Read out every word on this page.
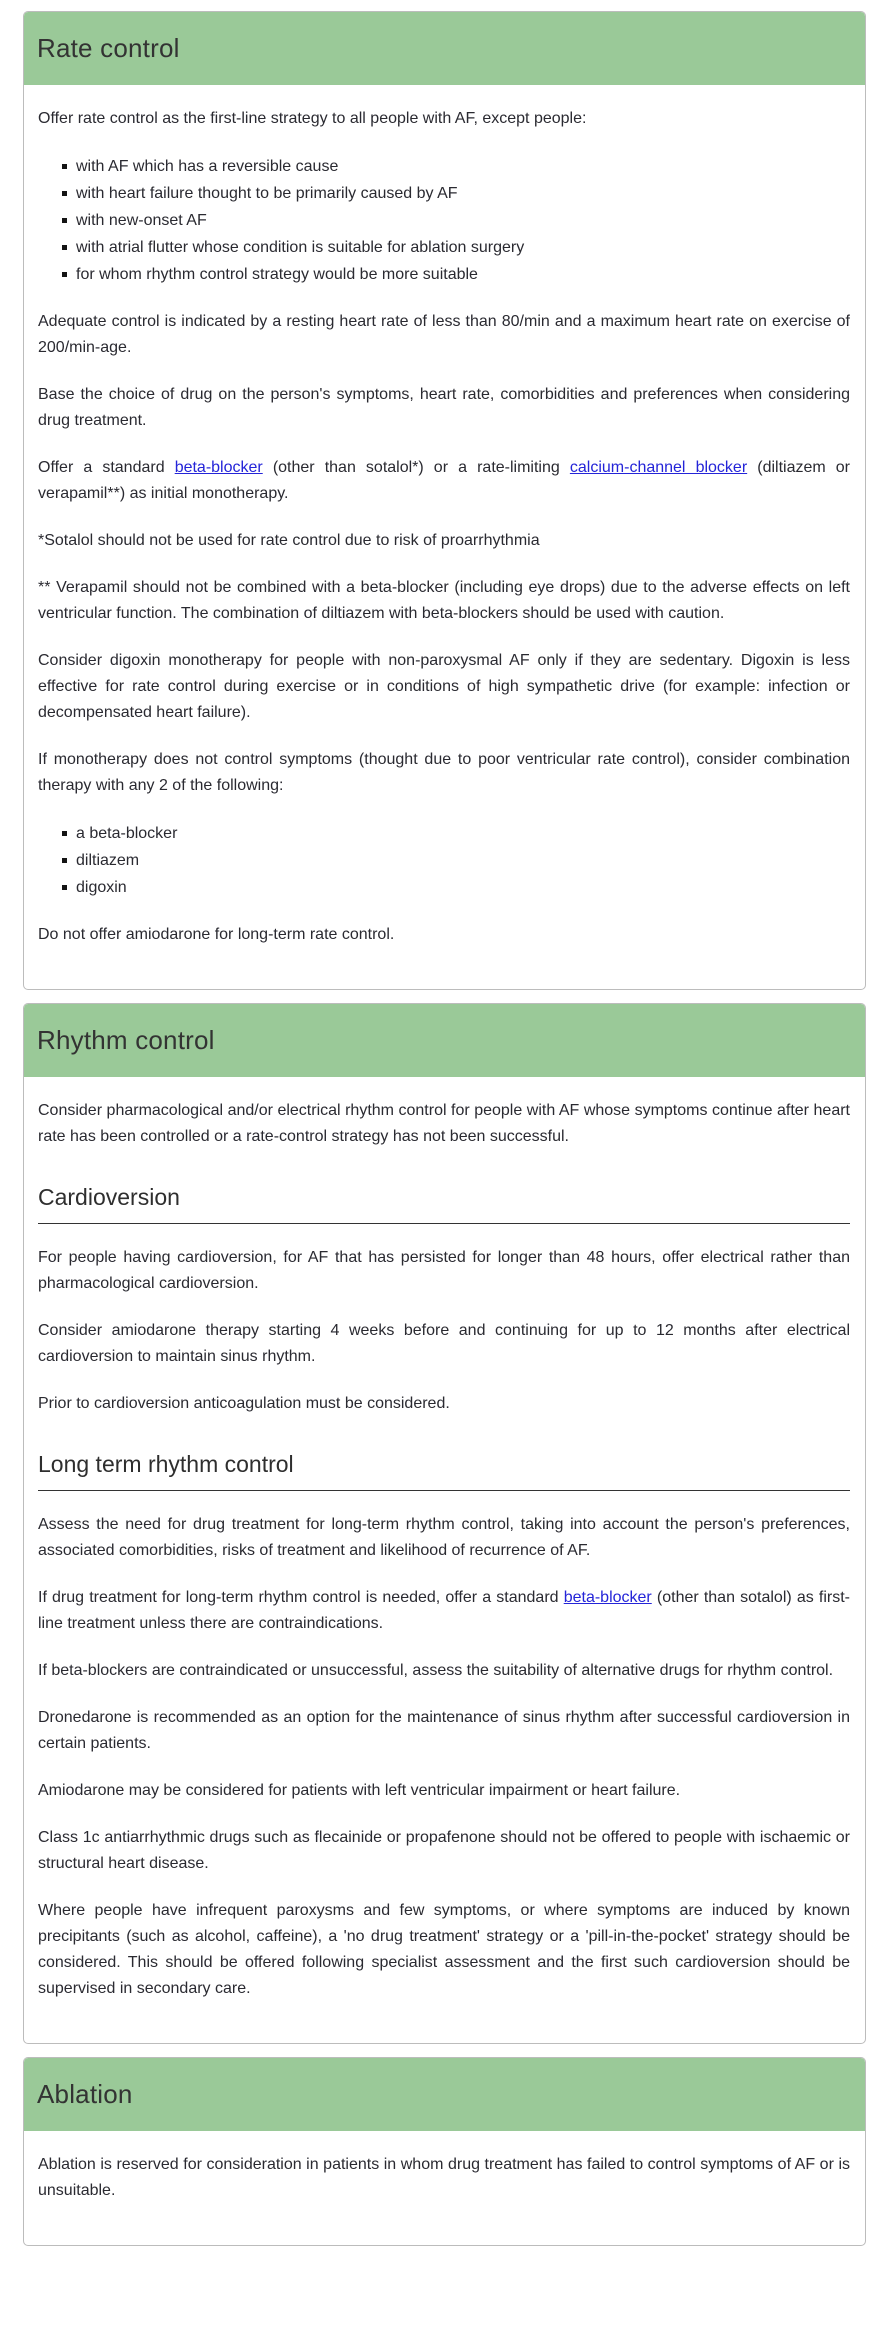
Rate control

Offer rate control as the first-line strategy to all people with AF, except people:

with AF which has a reversible cause
with heart failure thought to be primarily caused by AF
with new-onset AF
with atrial flutter whose condition is suitable for ablation surgery
for whom rhythm control strategy would be more suitable

Adequate control is indicated by a resting heart rate of less than 80/min and a maximum heart rate on exercise of 200/min-age.

Base the choice of drug on the person's symptoms, heart rate, comorbidities and preferences when considering drug treatment.

Offer a standard beta-blocker (other than sotalol*) or a rate-limiting calcium-channel blocker (diltiazem or verapamil**) as initial monotherapy.

*Sotalol should not be used for rate control due to risk of proarrhythmia

** Verapamil should not be combined with a beta-blocker (including eye drops) due to the adverse effects on left ventricular function. The combination of diltiazem with beta-blockers should be used with caution.

Consider digoxin monotherapy for people with non-paroxysmal AF only if they are sedentary. Digoxin is less effective for rate control during exercise or in conditions of high sympathetic drive (for example: infection or decompensated heart failure).

If monotherapy does not control symptoms (thought due to poor ventricular rate control), consider combination therapy with any 2 of the following:

a beta-blocker
diltiazem
digoxin

Do not offer amiodarone for long-term rate control.

Rhythm control

Consider pharmacological and/or electrical rhythm control for people with AF whose symptoms continue after heart rate has been controlled or a rate-control strategy has not been successful.

Cardioversion

For people having cardioversion, for AF that has persisted for longer than 48 hours, offer electrical rather than pharmacological cardioversion.

Consider amiodarone therapy starting 4 weeks before and continuing for up to 12 months after electrical cardioversion to maintain sinus rhythm.

Prior to cardioversion anticoagulation must be considered.

Long term rhythm control

Assess the need for drug treatment for long-term rhythm control, taking into account the person's preferences, associated comorbidities, risks of treatment and likelihood of recurrence of AF.

If drug treatment for long-term rhythm control is needed, offer a standard beta-blocker (other than sotalol) as first-line treatment unless there are contraindications.

If beta-blockers are contraindicated or unsuccessful, assess the suitability of alternative drugs for rhythm control.

Dronedarone is recommended as an option for the maintenance of sinus rhythm after successful cardioversion in certain patients.

Amiodarone may be considered for patients with left ventricular impairment or heart failure.

Class 1c antiarrhythmic drugs such as flecainide or propafenone should not be offered to people with ischaemic or structural heart disease.

Where people have infrequent paroxysms and few symptoms, or where symptoms are induced by known precipitants (such as alcohol, caffeine), a 'no drug treatment' strategy or a 'pill-in-the-pocket' strategy should be considered. This should be offered following specialist assessment and the first such cardioversion should be supervised in secondary care.

Ablation

Ablation is reserved for consideration in patients in whom drug treatment has failed to control symptoms of AF or is unsuitable.
